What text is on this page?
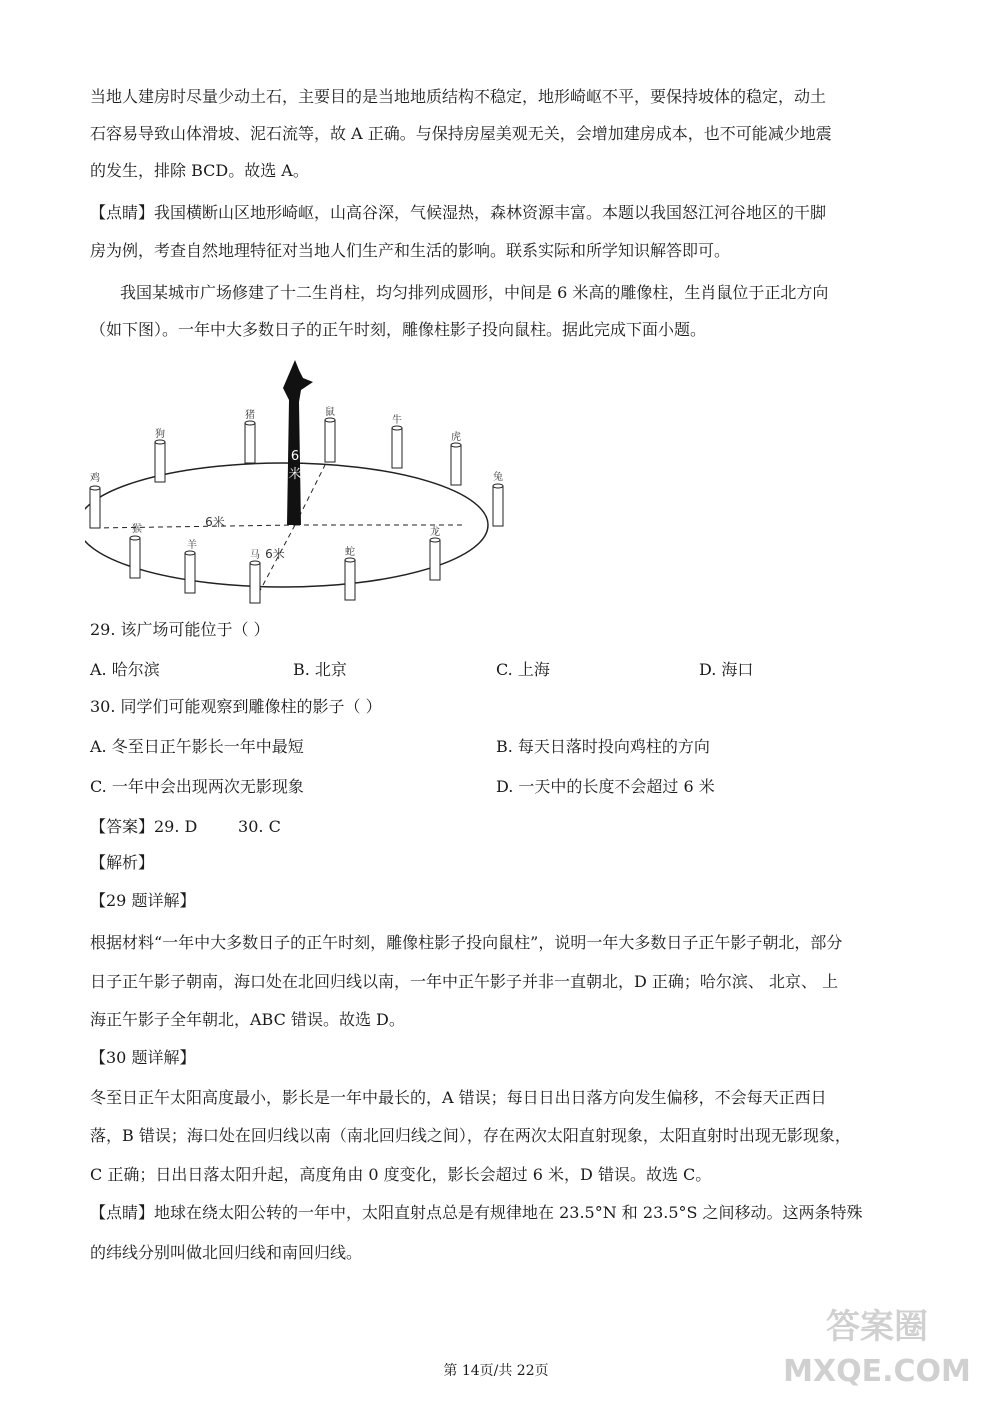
当地人建房时尽量少动土石，主要目的是当地地质结构不稳定，地形崎岖不平，要保持坡体的稳定，动土
石容易导致山体滑坡、泥石流等，故 A 正确。与保持房屋美观无关，会增加建房成本，也不可能减少地震
的发生，排除 BCD。故选 A。
【点睛】我国横断山区地形崎岖，山高谷深，气候湿热，森林资源丰富。本题以我国怒江河谷地区的干脚
房为例，考查自然地理特征对当地人们生产和生活的影响。联系实际和所学知识解答即可。
我国某城市广场修建了十二生肖柱，均匀排列成圆形，中间是 6 米高的雕像柱，生肖鼠位于正北方向
（如下图）。一年中大多数日子的正午时刻，雕像柱影子投向鼠柱。据此完成下面小题。
6
米
猪	鼠
牛
虎
狗
鸡	兔
猴
羊
马	蛇
龙
6米
6米
29. 该广场可能位于（ ）
A. 哈尔滨	B. 北京	C. 上海	D. 海口
30. 同学们可能观察到雕像柱的影子（ ）
A. 冬至日正午影长一年中最短	B. 每天日落时投向鸡柱的方向
C. 一年中会出现两次无影现象	D. 一天中的长度不会超过 6 米
【答案】29. D        30. C
【解析】
【29 题详解】
根据材料“一年中大多数日子的正午时刻，雕像柱影子投向鼠柱”，说明一年大多数日子正午影子朝北，部分
日子正午影子朝南，海口处在北回归线以南，一年中正午影子并非一直朝北，D 正确；哈尔滨、 北京、 上
海正午影子全年朝北，ABC 错误。故选 D。
【30 题详解】
冬至日正午太阳高度最小，影长是一年中最长的，A 错误；每日日出日落方向发生偏移，不会每天正西日
落，B 错误；海口处在回归线以南（南北回归线之间），存在两次太阳直射现象，太阳直射时出现无影现象，
C 正确；日出日落太阳升起，高度角由 0 度变化，影长会超过 6 米，D 错误。故选 C。
【点睛】地球在绕太阳公转的一年中，太阳直射点总是有规律地在 23.5°N 和 23.5°S 之间移动。这两条特殊
的纬线分别叫做北回归线和南回归线。
第 14页/共 22页
答案圈
MXQE.COM
